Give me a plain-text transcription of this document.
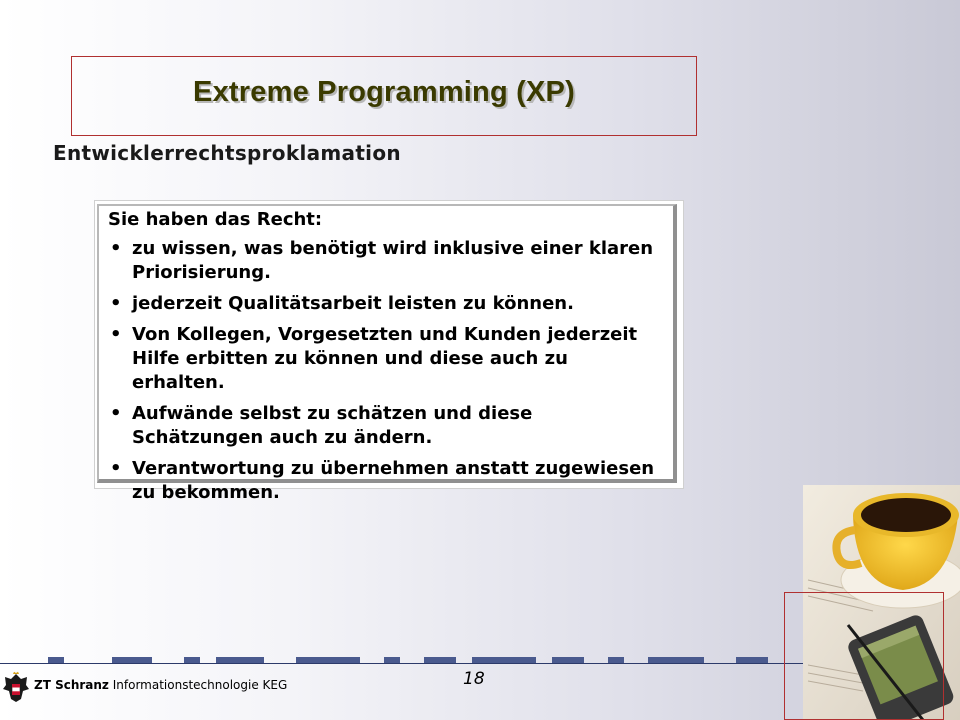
Extreme Programming (XP)
Entwicklerrechtsproklamation
Sie haben das Recht:
• zu wissen, was benötigt wird inklusive einer klaren Priorisierung.
• jederzeit Qualitätsarbeit leisten zu können.
• Von Kollegen, Vorgesetzten und Kunden jederzeit Hilfe erbitten zu können und diese auch zu erhalten.
• Aufwände selbst zu schätzen und diese Schätzungen auch zu ändern.
• Verantwortung zu übernehmen anstatt zugewiesen zu bekommen.
ZT Schranz Informationstechnologie KEG	18
